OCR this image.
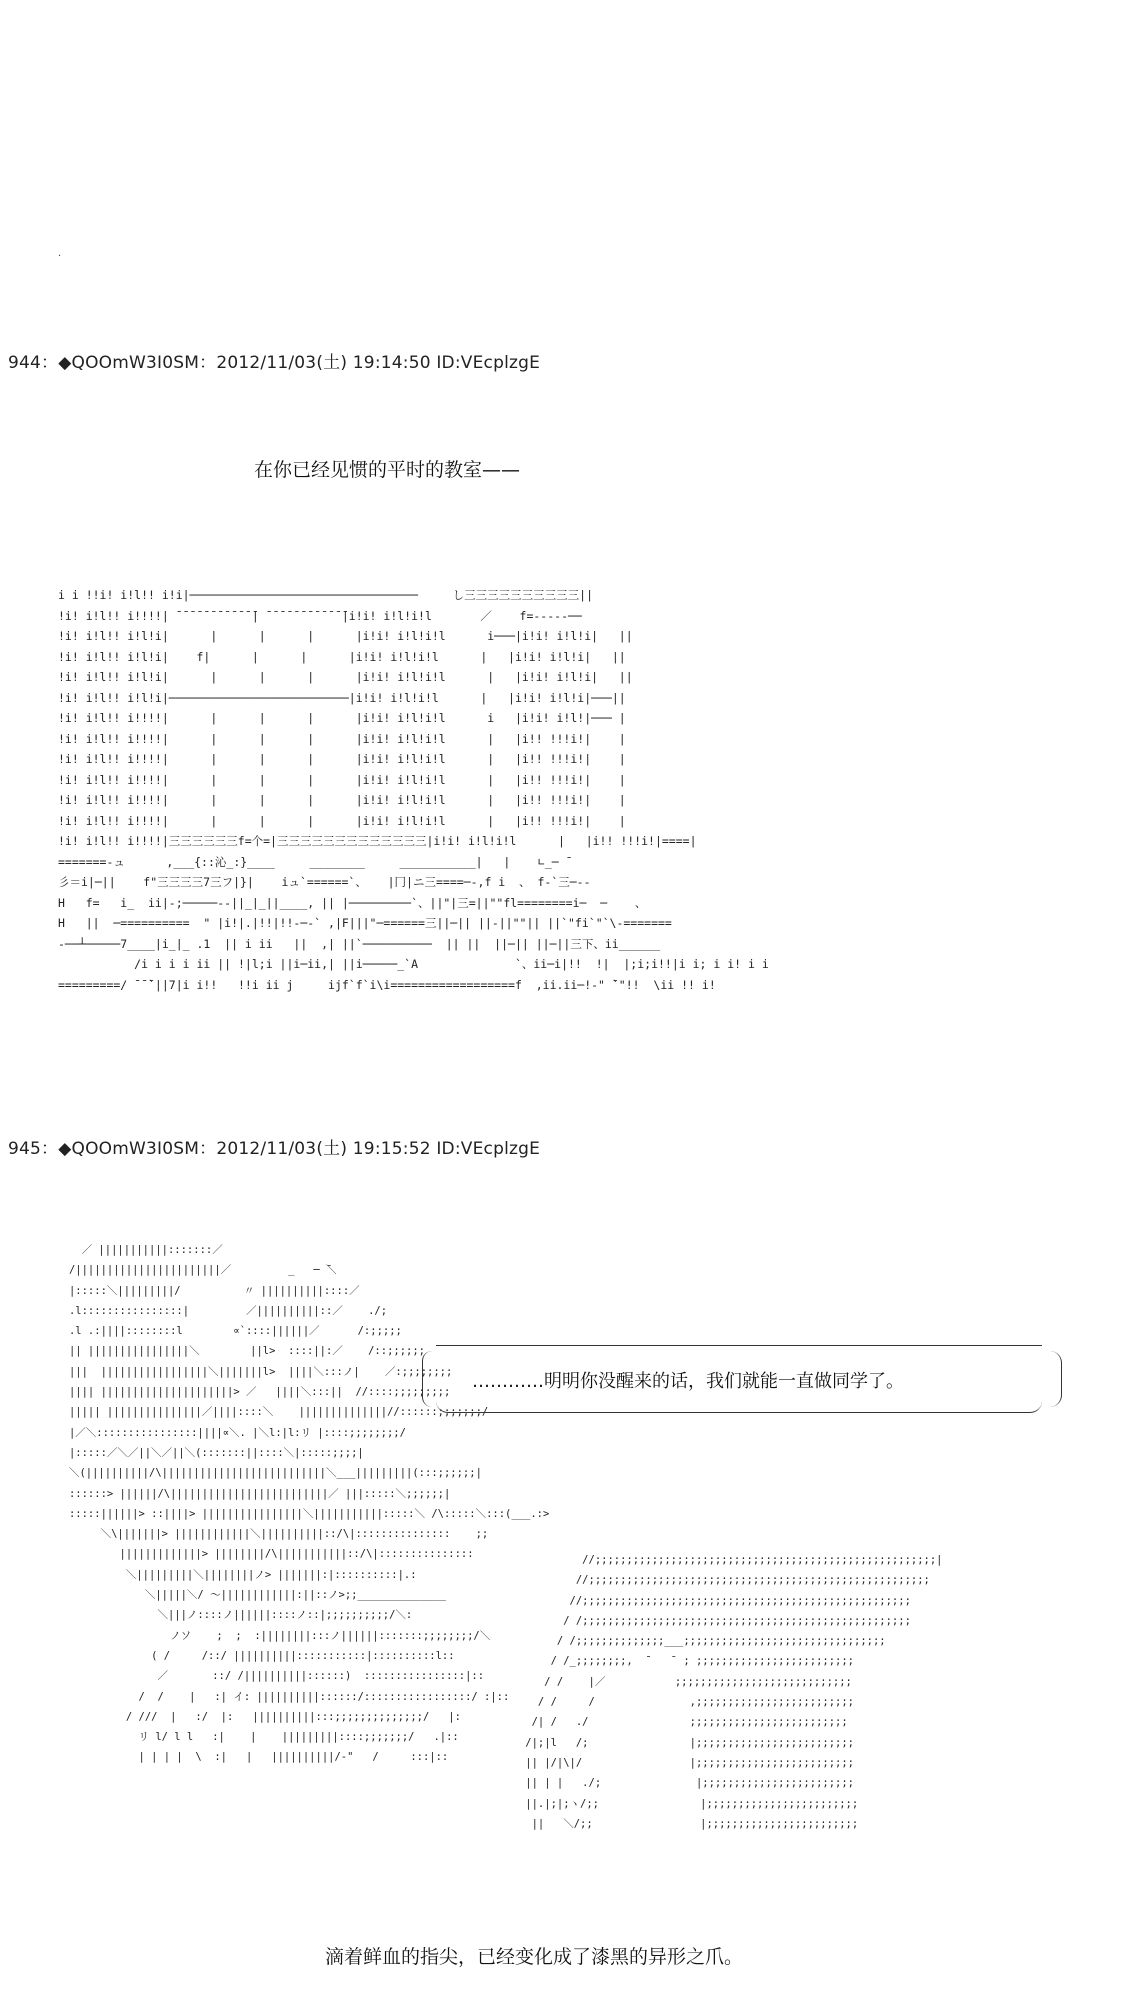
.
944：◆QOOmW3I0SM：2012/11/03(土) 19:14:50 ID:VEcplzgE
在你已经见惯的平时的教室——
i i !!i! i!l!! i!i|─────────────────────────────────     し三三三三三三三三三三||
!i! i!l!! i!!!!| ̄ ̄ ̄ ̄ ̄ ̄ ̄ ̄ ̄ ̄ ̄ ̄| ̄ ̄ ̄ ̄ ̄ ̄ ̄ ̄ ̄ ̄ ̄ ̄|i!i! i!l!i!l       ／    f=-----──
!i! i!l!! i!l!i|      |      |      |      |i!i! i!l!i!l      i───|i!i! i!l!i|   ||
!i! i!l!! i!l!i|    f|      |      |      |i!i! i!l!i!l      |   |i!i! i!l!i|   ||
!i! i!l!! i!l!i|      |      |      |      |i!i! i!l!i!l      |   |i!i! i!l!i|   ||
!i! i!l!! i!l!i|──────────────────────────|i!i! i!l!i!l      |   |i!i! i!l!i|───||
!i! i!l!! i!!!!|      |      |      |      |i!i! i!l!i!l      i   |i!i! i!l!|─── |
!i! i!l!! i!!!!|      |      |      |      |i!i! i!l!i!l      |   |i!! !!!i!|    |
!i! i!l!! i!!!!|      |      |      |      |i!i! i!l!i!l      |   |i!! !!!i!|    |
!i! i!l!! i!!!!|      |      |      |      |i!i! i!l!i!l      |   |i!! !!!i!|    |
!i! i!l!! i!!!!|      |      |      |      |i!i! i!l!i!l      |   |i!! !!!i!|    |
!i! i!l!! i!!!!|      |      |      |      |i!i! i!l!i!l      |   |i!! !!!i!|    |
!i! i!l!! i!!!!|三三三三三三f=个=|三三三三三三三三三三三三三|i!i! i!l!i!l      |   |i!! !!!i!|====|
=======-ュ      ,___{::沁_:}____     ________     ___________|   |    ∟_─ ̄
彡＝i|─||    f"三三三三7三フ|}|    iュ`======`、   |冂|ニ三====─-,f i  、 f-`三─--
H   f=   i_  ii|-;─────--||_|_||____, || |─────────`、||"|三=||""fl========i─  ─    、
H   ||  ─==========  " |i!|.|!!|!!-─-` ,|F|||"─======三||─|| ||-||""|| ||`"fi`"`\-=======
-──┴─────7____|i_|_ .1  || i ii   ||  ,| ||`──────────  || ||  ||─|| ||─||三下、ii______
/i i i i ii || !|l;i ||i─ii,| ||i─────_`A              `、ii─i|!!  !|  |;i;i!!|i i; i i! i i
=========/ ̄ ̄ ̄`||7|i i!!   !!i ii j     ijf`f`i\i==================f  ,ii.ii─!-" ̄`"!!  \ii !! i!
945：◆QOOmW3I0SM：2012/11/03(土) 19:15:52 ID:VEcplzgE
／ |||||||||||:::::::／
/|||||||||||||||||||||||／         _   ─ ̄＼
|:::::＼|||||||||/          〃 ||||||||||::::／
.l::::::::::::::::|         ／||||||||||::／    ./;
.l .:||||::::::::l        ∝`::::||||||／      /:;;;;;
|| ||||||||||||||||＼        ||l>  ::::||:／    /::;;;;;;
|||  |||||||||||||||||＼|||||||l>  ||||＼:::ノ|    ／:;;;;;;;;
|||| |||||||||||||||||||||> ／   ||||＼:::||  //::::;;;;;;;;;
||||| |||||||||||||||／||||::::＼    ||||||||||||||//::::::;;;;;;;/
|／＼::::::::::::::::||||∝＼. |＼l:|l:リ |::::;;;;;;;;/
|:::::／＼／||＼／||＼(:::::::||::::＼|:::::;;;;|
＼(||||||||||/\||||||||||||||||||||||||||＼___|||||||||(:::;;;;;;|
::::::> ||||||/\|||||||||||||||||||||||||／ |||:::::＼;;;;;;|
:::::||||||> ::||||> ||||||||||||||||＼|||||||||||:::::＼ /\:::::＼:::(___.:>
＼\|||||||> ||||||||||||＼||||||||||::/\|:::::::::::::::    ;;
|||||||||||||> ||||||||/\|||||||||||::/\|:::::::::::::::
＼|||||||||＼||||||||ノ> |||||||:|::::::::::|.:
＼|||||＼/ 〜||||||||||||:||::ノ>;;______________
＼|||ノ::::ノ||||||::::ノ::|;;;;;;;;;;/＼:
ノソ    ;  ;  :||||||||:::ノ||||||:::::::;;;;;;;;/＼
( /     /::/ ||||||||||:::::::::::|::::::::::l::
／       ::/ /||||||||||::::::)  ::::::::::::::::|::
/  /    |   :| イ: ||||||||||::::::/:::::::::::::::::/ :|::
/ ///  |   :/  |:   ||||||||||:::;;;;;;;;;;;;;;/   |:
リ l/ l l   :|    |    |||||||||::::;;;;;;;/   .|::
| | | |  \  :|   |   ||||||||||/-"   /     :::|::
//;;;;;;;;;;;;;;;;;;;;;;;;;;;;;;;;;;;;;;;;;;;;;;;;;;;;;;|
//;;;;;;;;;;;;;;;;;;;;;;;;;;;;;;;;;;;;;;;;;;;;;;;;;;;;;;
//;;;;;;;;;;;;;;;;;;;;;;;;;;;;;;;;;;;;;;;;;;;;;;;;;;;;
/ /;;;;;;;;;;;;;;;;;;;;;;;;;;;;;;;;;;;;;;;;;;;;;;;;;;;;
/ /;;;;;;;;;;;;;;___;;;;;;;;;;;;;;;;;;;;;;;;;;;;;;;;
/ /_;;;;;;;;,  ̄    ̄  ; ;;;;;;;;;;;;;;;;;;;;;;;;;
/ /    |／           ;;;;;;;;;;;;;;;;;;;;;;;;;;;;
/ /     /               ,;;;;;;;;;;;;;;;;;;;;;;;;;
/| /   ./                ;;;;;;;;;;;;;;;;;;;;;;;;;
/|;|l   /;                |;;;;;;;;;;;;;;;;;;;;;;;;;
|| |/|\|/                 |;;;;;;;;;;;;;;;;;;;;;;;;;
|| | |   ./;               |;;;;;;;;;;;;;;;;;;;;;;;;
||.|;|;ヽ/;;                |;;;;;;;;;;;;;;;;;;;;;;;;
||   ＼/;;                 |;;;;;;;;;;;;;;;;;;;;;;;;
…………明明你没醒来的话，我们就能一直做同学了。
滴着鲜血的指尖，已经变化成了漆黑的异形之爪。
